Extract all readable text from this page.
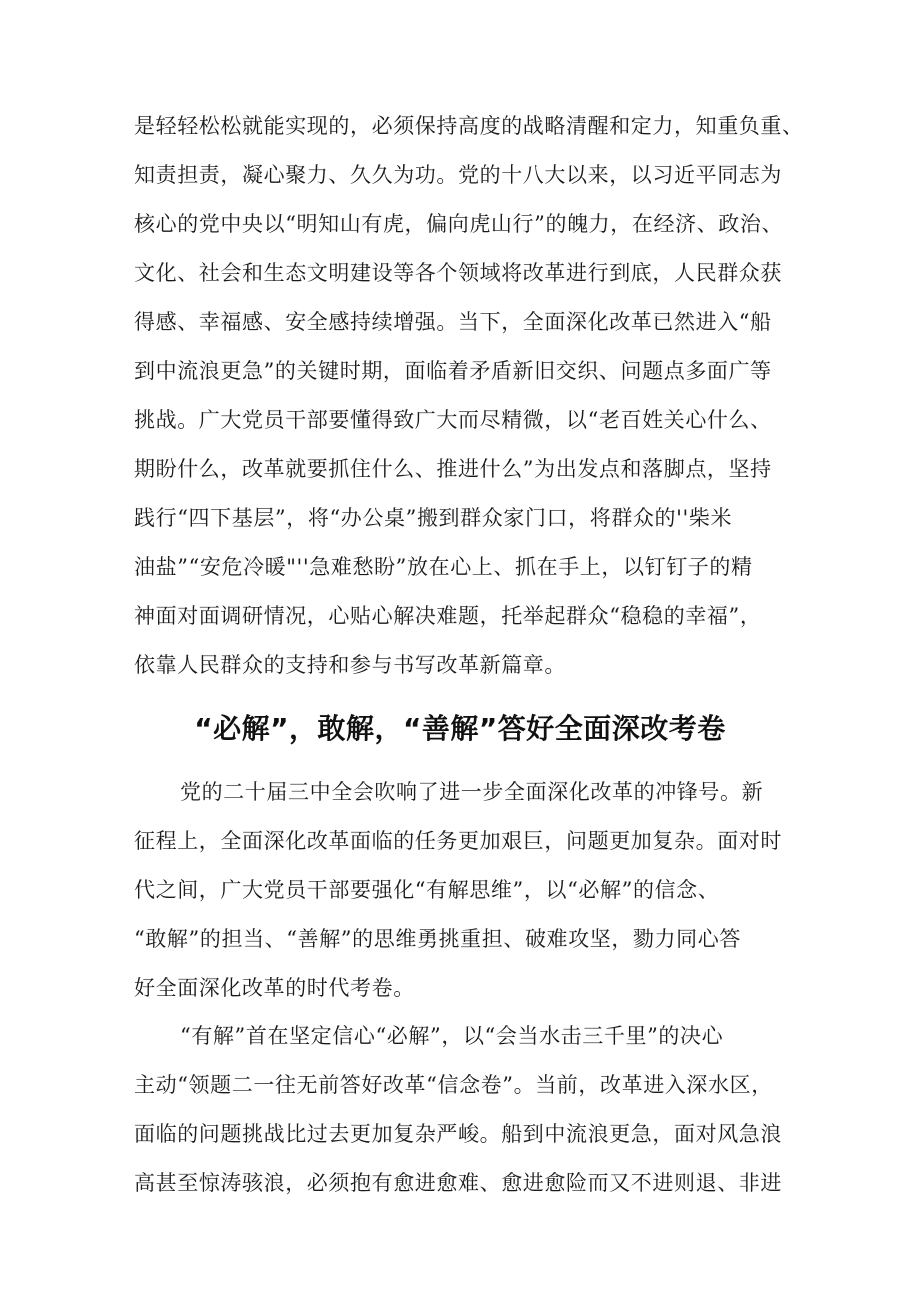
是轻轻松松就能实现的，必须保持高度的战略清醒和定力，知重负重、

知责担责，凝心聚力、久久为功。党的十八大以来，以习近平同志为

核心的党中央以“明知山有虎，偏向虎山行”的魄力，在经济、政治、

文化、社会和生态文明建设等各个领域将改革进行到底，人民群众获

得感、幸福感、安全感持续增强。当下，全面深化改革已然进入“船

到中流浪更急”的关键时期，面临着矛盾新旧交织、问题点多面广等

挑战。广大党员干部要懂得致广大而尽精微，以“老百姓关心什么、

期盼什么，改革就要抓住什么、推进什么”为出发点和落脚点，坚持

践行“四下基层”，将“办公桌”搬到群众家门口，将群众的''柴米

油盐”“安危冷暖"''急难愁盼”放在心上、抓在手上，以钉钉子的精

神面对面调研情况，心贴心解决难题，托举起群众“稳稳的幸福”，

依靠人民群众的支持和参与书写改革新篇章。

“必解”，敢解，“善解”答好全面深改考卷

党的二十届三中全会吹响了进一步全面深化改革的冲锋号。新

征程上，全面深化改革面临的任务更加艰巨，问题更加复杂。面对时

代之间，广大党员干部要强化“有解思维”，以“必解”的信念、

“敢解”的担当、“善解”的思维勇挑重担、破难攻坚，勠力同心答

好全面深化改革的时代考卷。

“有解”首在坚定信心“必解”，以“会当水击三千里”的决心

主动“领题二一往无前答好改革“信念卷”。当前，改革进入深水区，

面临的问题挑战比过去更加复杂严峻。船到中流浪更急，面对风急浪

高甚至惊涛骇浪，必须抱有愈进愈难、愈进愈险而又不进则退、非进
